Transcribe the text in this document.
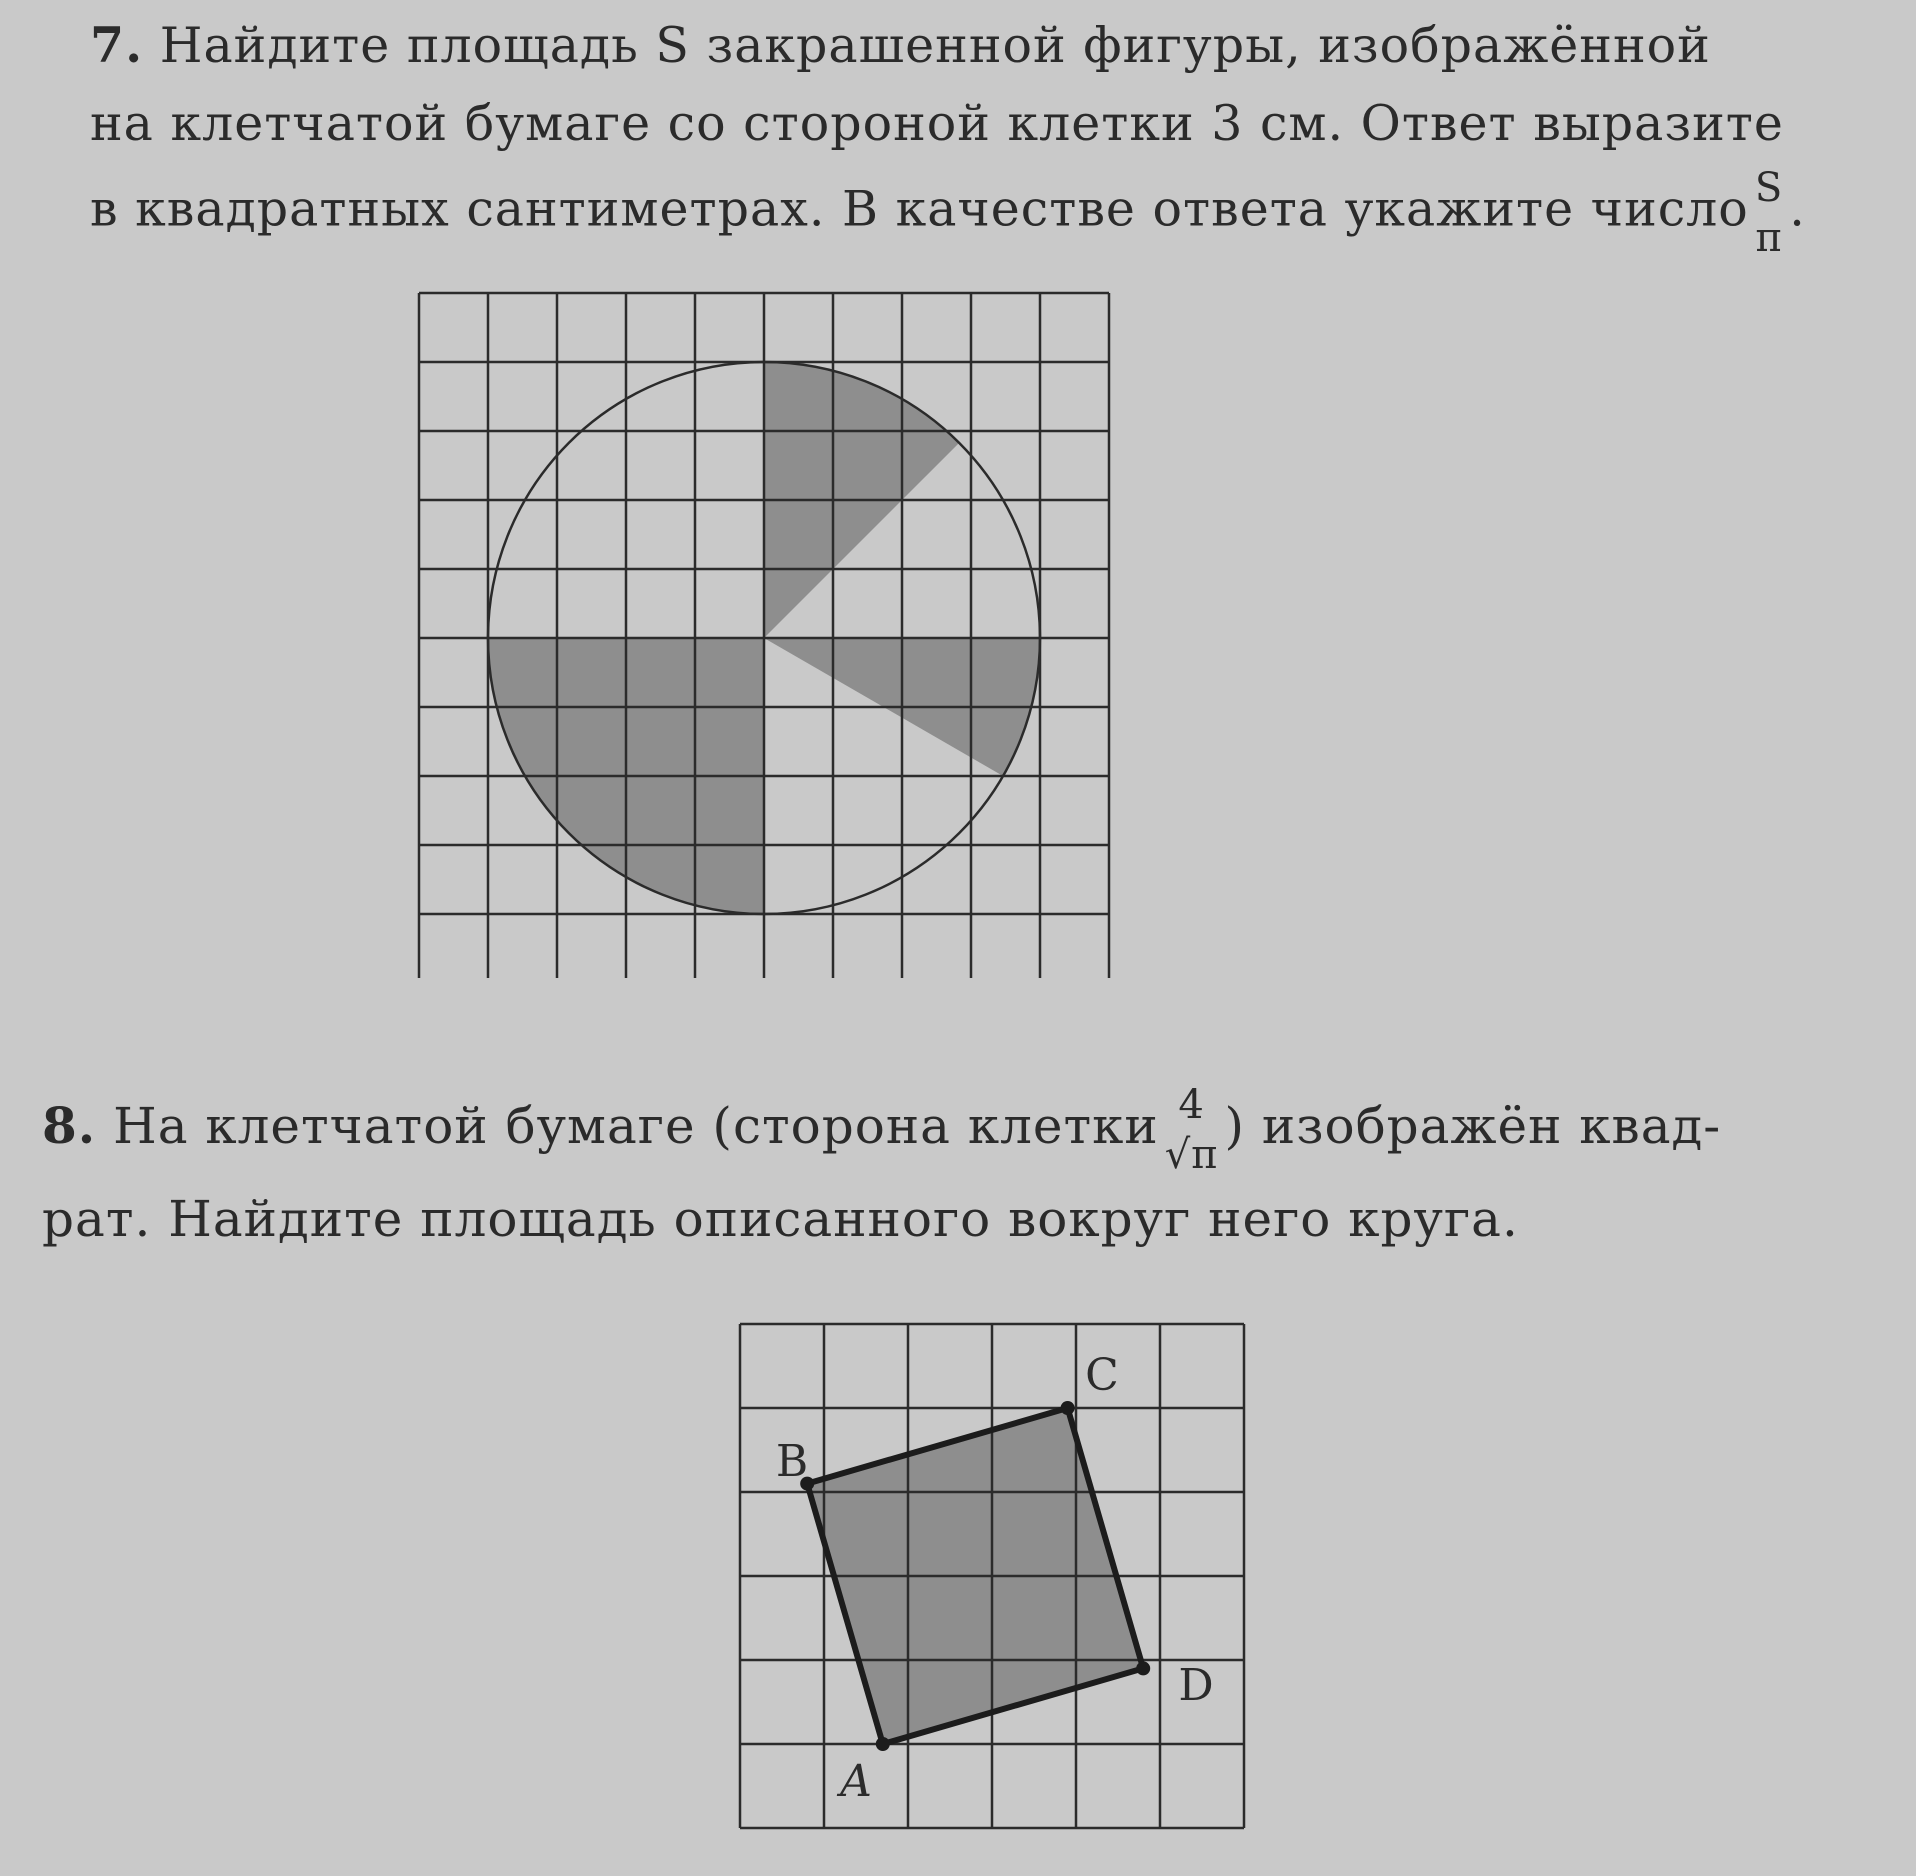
7. Найдите площадь S закрашенной фигуры, изображённой
на клетчатой бумаге со стороной клетки 3 см. Ответ выразите
в квадратных сантиметрах. В качестве ответа укажите число S
π
.
8. На клетчатой бумаге (сторона клетки 4
√π ) изображён квад-
рат. Найдите площадь описанного вокруг него круга.
A
B
C
D
